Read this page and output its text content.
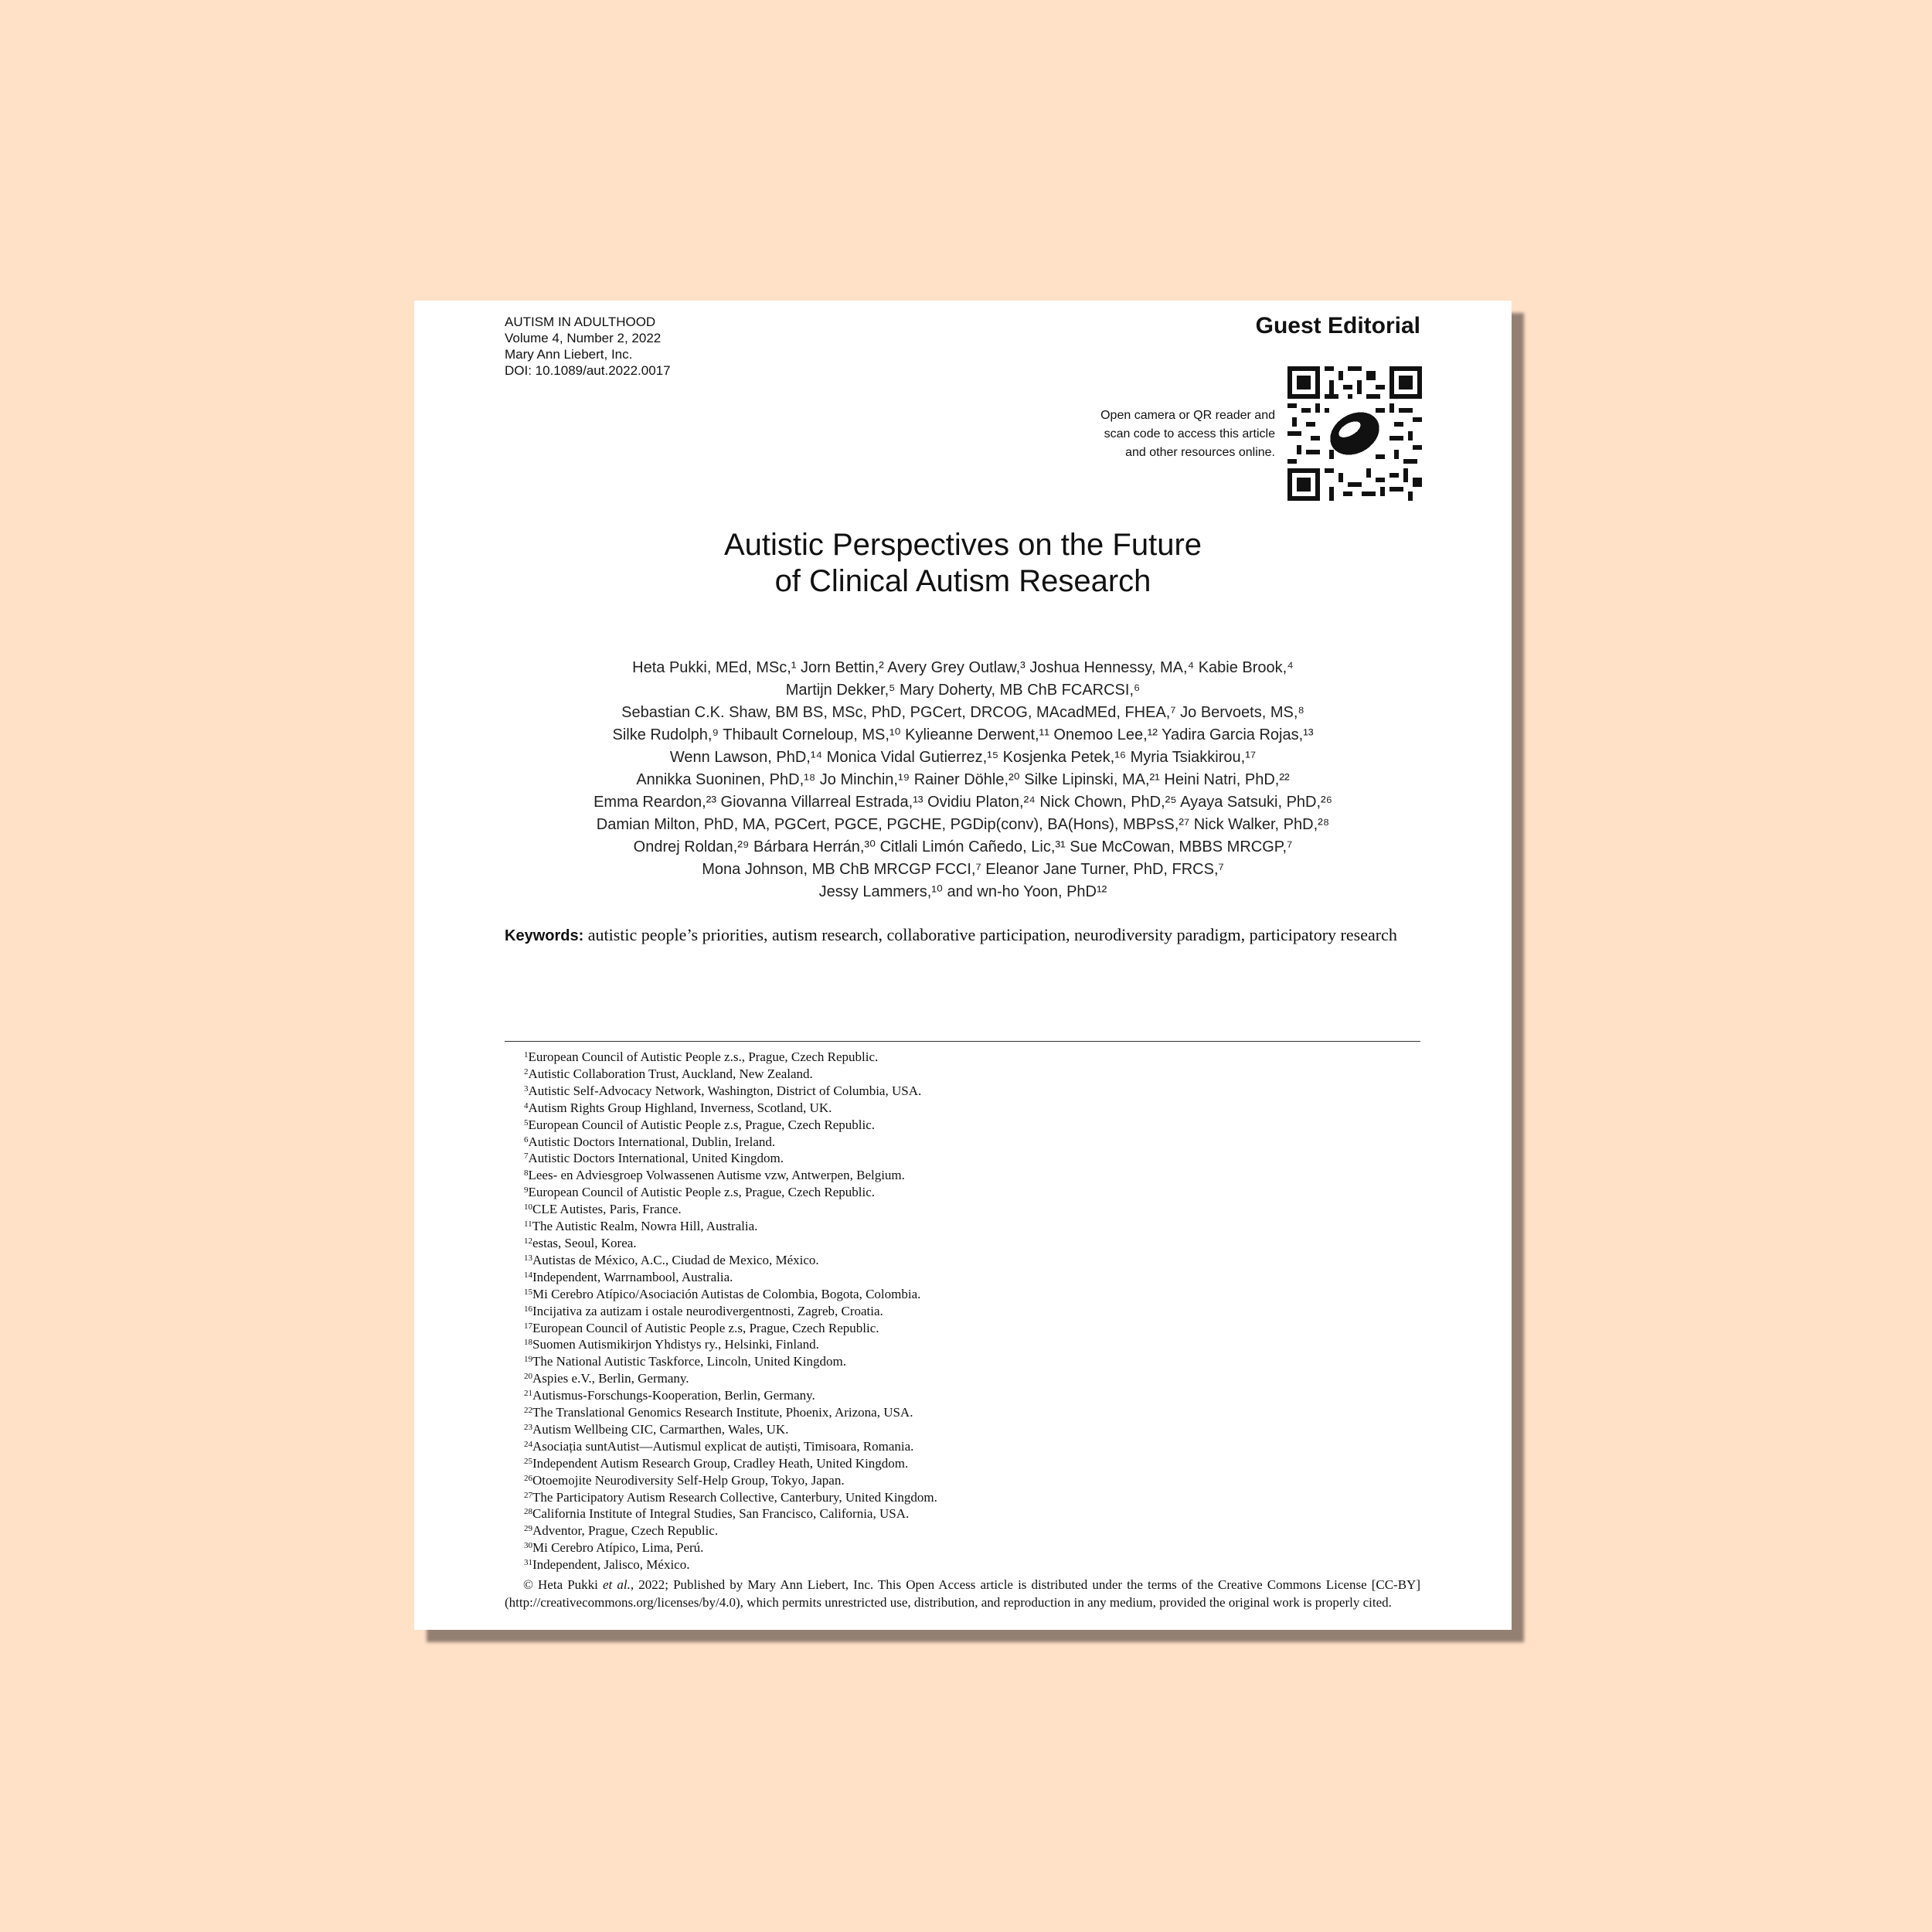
AUTISM IN ADULTHOOD
Volume 4, Number 2, 2022
Mary Ann Liebert, Inc.
DOI: 10.1089/aut.2022.0017
Guest Editorial
Open camera or QR reader and
scan code to access this article
and other resources online.
Autistic Perspectives on the Future
of Clinical Autism Research
Heta Pukki, MEd, MSc,¹ Jorn Bettin,² Avery Grey Outlaw,³ Joshua Hennessy, MA,⁴ Kabie Brook,⁴
Martijn Dekker,⁵ Mary Doherty, MB ChB FCARCSI,⁶
Sebastian C.K. Shaw, BM BS, MSc, PhD, PGCert, DRCOG, MAcadMEd, FHEA,⁷ Jo Bervoets, MS,⁸
Silke Rudolph,⁹ Thibault Corneloup, MS,¹⁰ Kylieanne Derwent,¹¹ Onemoo Lee,¹² Yadira Garcia Rojas,¹³
Wenn Lawson, PhD,¹⁴ Monica Vidal Gutierrez,¹⁵ Kosjenka Petek,¹⁶ Myria Tsiakkirou,¹⁷
Annikka Suoninen, PhD,¹⁸ Jo Minchin,¹⁹ Rainer Döhle,²⁰ Silke Lipinski, MA,²¹ Heini Natri, PhD,²²
Emma Reardon,²³ Giovanna Villarreal Estrada,¹³ Ovidiu Platon,²⁴ Nick Chown, PhD,²⁵ Ayaya Satsuki, PhD,²⁶
Damian Milton, PhD, MA, PGCert, PGCE, PGCHE, PGDip(conv), BA(Hons), MBPsS,²⁷ Nick Walker, PhD,²⁸
Ondrej Roldan,²⁹ Bárbara Herrán,³⁰ Citlali Limón Cañedo, Lic,³¹ Sue McCowan, MBBS MRCGP,⁷
Mona Johnson, MB ChB MRCGP FCCI,⁷ Eleanor Jane Turner, PhD, FRCS,⁷
Jessy Lammers,¹⁰ and wn-ho Yoon, PhD¹²
Keywords: autistic people’s priorities, autism research, collaborative participation, neurodiversity paradigm, participatory research
$^1$European Council of Autistic People z.s., Prague, Czech Republic.
$^2$Autistic Collaboration Trust, Auckland, New Zealand.
$^3$Autistic Self-Advocacy Network, Washington, District of Columbia, USA.
$^4$Autism Rights Group Highland, Inverness, Scotland, UK.
$^5$European Council of Autistic People z.s, Prague, Czech Republic.
$^6$Autistic Doctors International, Dublin, Ireland.
$^7$Autistic Doctors International, United Kingdom.
$^8$Lees- en Adviesgroep Volwassenen Autisme vzw, Antwerpen, Belgium.
$^9$European Council of Autistic People z.s, Prague, Czech Republic.
$^{10}$CLE Autistes, Paris, France.
$^{11}$The Autistic Realm, Nowra Hill, Australia.
$^{12}$estas, Seoul, Korea.
$^{13}$Autistas de México, A.C., Ciudad de Mexico, México.
$^{14}$Independent, Warrnambool, Australia.
$^{15}$Mi Cerebro Atípico/Asociación Autistas de Colombia, Bogota, Colombia.
$^{16}$Incijativa za autizam i ostale neurodivergentnosti, Zagreb, Croatia.
$^{17}$European Council of Autistic People z.s, Prague, Czech Republic.
$^{18}$Suomen Autismikirjon Yhdistys ry., Helsinki, Finland.
$^{19}$The National Autistic Taskforce, Lincoln, United Kingdom.
$^{20}$Aspies e.V., Berlin, Germany.
$^{21}$Autismus-Forschungs-Kooperation, Berlin, Germany.
$^{22}$The Translational Genomics Research Institute, Phoenix, Arizona, USA.
$^{23}$Autism Wellbeing CIC, Carmarthen, Wales, UK.
$^{24}$Asociația suntAutist—Autismul explicat de autiști, Timisoara, Romania.
$^{25}$Independent Autism Research Group, Cradley Heath, United Kingdom.
$^{26}$Otoemojite Neurodiversity Self-Help Group, Tokyo, Japan.
$^{27}$The Participatory Autism Research Collective, Canterbury, United Kingdom.
$^{28}$California Institute of Integral Studies, San Francisco, California, USA.
$^{29}$Adventor, Prague, Czech Republic.
$^{30}$Mi Cerebro Atípico, Lima, Perú.
$^{31}$Independent, Jalisco, México.
© Heta Pukki et al., 2022; Published by Mary Ann Liebert, Inc. This Open Access article is distributed under the terms of the Creative Commons License [CC-BY] (http://creativecommons.org/licenses/by/4.0), which permits unrestricted use, distribution, and reproduction in any medium, provided the original work is properly cited.
